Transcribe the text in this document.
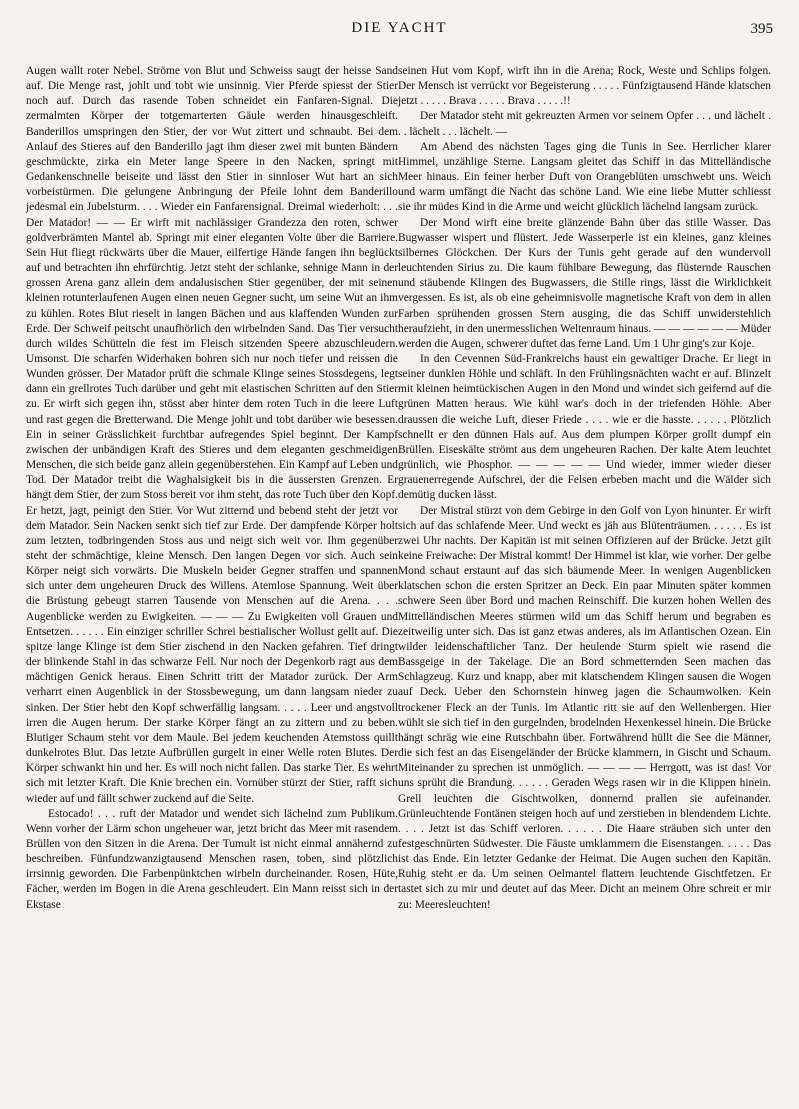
DIE YACHT	395

Augen wallt roter Nebel. Ströme von Blut und Schweiss saugt der heisse Sand auf. Die Menge rast, johlt und tobt wie unsinnig. Vier Pferde spiesst der Stier noch auf. Durch das rasende Toben schneidet ein Fanfaren-Signal. Die zermalmten Körper der totgemarterten Gäule werden hinausgeschleift. Banderillos umspringen den Stier, der vor Wut zittert und schnaubt. Bei dem Anlauf des Stieres auf den Banderillo jagt ihm dieser zwei mit bunten Bändern geschmückte, zirka ein Meter lange Speere in den Nacken, springt mit Gedankenschnelle beiseite und lässt den Stier in sinnloser Wut hart an sich vorbeistürmen. Die gelungene Anbringung der Pfeile lohnt dem Banderillo jedesmal ein Jubelsturm. . . . Wieder ein Fanfarensignal. Dreimal wiederholt: . . . Der Matador! — — Er wirft mit nachlässiger Grandezza den roten, schwer goldverbrämten Mantel ab. Springt mit einer eleganten Volte über die Barriere. Sein Hut fliegt rückwärts über die Mauer, eilfertige Hände fangen ihn beglückt auf und betrachten ihn ehrfürchtig. Jetzt steht der schlanke, sehnige Mann in der grossen Arena ganz allein dem andalusischen Stier gegenüber, der mit seinen kleinen rotunterlaufenen Augen einen neuen Gegner sucht, um seine Wut an ihm zu kühlen. Rotes Blut rieselt in langen Bächen und aus klaffenden Wunden zur Erde. Der Schweif peitscht unaufhörlich den wirbelnden Sand. Das Tier versucht durch wildes Schütteln die fest im Fleisch sitzenden Speere abzuschleudern. Umsonst. Die scharfen Widerhaken bohren sich nur noch tiefer und reissen die Wunden grösser. Der Matador prüft die schmale Klinge seines Stossdegens, legt dann ein grellrotes Tuch darüber und geht mit elastischen Schritten auf den Stier zu. Er wirft sich gegen ihn, stösst aber hinter dem roten Tuch in die leere Luft und rast gegen die Bretterwand. Die Menge johlt und tobt darüber wie besessen. Ein in seiner Grässlichkeit furchtbar aufregendes Spiel beginnt. Der Kampf zwischen der unbändigen Kraft des Stieres und dem eleganten geschmeidigen Menschen, die sich beide ganz allein gegenüberstehen. Ein Kampf auf Leben und Tod. Der Matador treibt die Waghalsigkeit bis in die äussersten Grenzen. Er hängt dem Stier, der zum Stoss bereit vor ihm steht, das rote Tuch über den Kopf. Er hetzt, jagt, peinigt den Stier. Vor Wut zitternd und bebend steht der jetzt vor dem Matador. Sein Nacken senkt sich tief zur Erde. Der dampfende Körper holt zum letzten, todbringenden Stoss aus und neigt sich weit vor. Ihm gegenüber steht der schmächtige, kleine Mensch. Den langen Degen vor sich. Auch sein Körper neigt sich vorwärts. Die Muskeln beider Gegner straffen und spannen sich unter dem ungeheuren Druck des Willens. Atemlose Spannung. Weit über die Brüstung gebeugt starren Tausende von Menschen auf die Arena. . . . Augenblicke werden zu Ewigkeiten. — — — Zu Ewigkeiten voll Grauen und Entsetzen. . . . . . Ein einziger schriller Schrei bestialischer Wollust gellt auf. Die spitze lange Klinge ist dem Stier zischend in den Nacken gefahren. Tief dringt der blinkende Stahl in das schwarze Fell. Nur noch der Degenkorb ragt aus dem mächtigen Genick heraus. Einen Schritt tritt der Matador zurück. Der Arm verharrt einen Augenblick in der Stossbewegung, um dann langsam nieder zu sinken. Der Stier hebt den Kopf schwerfällig langsam. . . . . Leer und angstvoll irren die Augen herum. Der starke Körper fängt an zu zittern und zu beben. Blutiger Schaum steht vor dem Maule. Bei jedem keuchenden Atemstoss quillt dunkelrotes Blut. Das letzte Aufbrüllen gurgelt in einer Welle roten Blutes. Der Körper schwankt hin und her. Es will noch nicht fallen. Das starke Tier. Es wehrt sich mit letzter Kraft. Die Knie brechen ein. Vornüber stürzt der Stier, rafft sich wieder auf und fällt schwer zuckend auf die Seite.

Estocado! . . . ruft der Matador und wendet sich lächelnd zum Publikum. Wenn vorher der Lärm schon ungeheuer war, jetzt bricht das Meer mit rasendem Brüllen von den Sitzen in die Arena. Der Tumult ist nicht einmal annähernd zu beschreiben. Fünfundzwanzigtausend Menschen rasen, toben, sind plötzlich irrsinnig geworden. Die Farbenpünktchen wirbeln durcheinander. Rosen, Hüte, Fächer, werden im Bogen in die Arena geschleudert. Ein Mann reisst sich in der Ekstase

seinen Hut vom Kopf, wirft ihn in die Arena; Rock, Weste und Schlips folgen. Der Mensch ist verrückt vor Begeisterung . . . . . Fünfzigtausend Hände klatschen jetzt . . . . . Brava . . . . . Brava . . . . .!!

Der Matador steht mit gekreuzten Armen vor seinem Opfer . . . und lächelt . . . lächelt . . . lächelt. —

Am Abend des nächsten Tages ging die Tunis in See. Herrlicher klarer Himmel, unzählige Sterne. Langsam gleitet das Schiff in das Mittelländische Meer hinaus. Ein feiner herber Duft von Orangeblüten umschwebt uns. Weich und warm umfängt die Nacht das schöne Land. Wie eine liebe Mutter schliesst sie ihr müdes Kind in die Arme und weicht glücklich lächelnd langsam zurück.

Der Mond wirft eine breite glänzende Bahn über das stille Wasser. Das Bugwasser wispert und flüstert. Jede Wasserperle ist ein kleines, ganz kleines silbernes Glöckchen. Der Kurs der Tunis geht gerade auf den wundervoll leuchtenden Sirius zu. Die kaum fühlbare Bewegung, das flüsternde Rauschen und stäubende Klingen des Bugwassers, die Stille rings, lässt die Wirklichkeit vergessen. Es ist, als ob eine geheimnisvolle magnetische Kraft von dem in allen Farben sprühenden grossen Stern ausging, die das Schiff unwiderstehlich heraufzieht, in den unermesslichen Weltenraum hinaus. — — — — — — Müder werden die Augen, schwerer duftet das ferne Land. Um 1 Uhr ging's zur Koje.

In den Cevennen Süd-Frankreichs haust ein gewaltiger Drache. Er liegt in seiner dunklen Höhle und schläft. In den Frühlingsnächten wacht er auf. Blinzelt mit kleinen heimtückischen Augen in den Mond und windet sich geifernd auf die grünen Matten heraus. Wie kühl war's doch in der triefenden Höhle. Aber draussen die weiche Luft, dieser Friede . . . . wie er die hasste. . . . . . Plötzlich schnellt er den dünnen Hals auf. Aus dem plumpen Körper grollt dumpf ein Brüllen. Eiseskälte strömt aus dem ungeheuren Rachen. Der kalte Atem leuchtet grünlich, wie Phosphor. — — — — — Und wieder, immer wieder dieser grauenerregende Aufschrei, der die Felsen erbeben macht und die Wälder sich demütig ducken lässt.

Der Mistral stürzt von dem Gebirge in den Golf von Lyon hinunter. Er wirft sich auf das schlafende Meer. Und weckt es jäh aus Blütenträumen. . . . . . Es ist zwei Uhr nachts. Der Kapitän ist mit seinen Offizieren auf der Brücke. Jetzt gilt keine Freiwache: Der Mistral kommt! Der Himmel ist klar, wie vorher. Der gelbe Mond schaut erstaunt auf das sich bäumende Meer. In wenigen Augenblicken klatschen schon die ersten Spritzer an Deck. Ein paar Minuten später kommen schwere Seen über Bord und machen Reinschiff. Die kurzen hohen Wellen des Mittelländischen Meeres stürmen wild um das Schiff herum und begraben es zeitweilig unter sich. Das ist ganz etwas anderes, als im Atlantischen Ozean. Ein wilder leidenschaftlicher Tanz. Der heulende Sturm spielt wie rasend die Bassgeige in der Takelage. Die an Bord schmetternden Seen machen das Schlagzeug. Kurz und knapp, aber mit klatschendem Klingen sausen die Wogen auf Deck. Ueber den Schornstein hinweg jagen die Schaumwolken. Kein trockener Fleck an der Tunis. Im Atlantic ritt sie auf den Wellenbergen. Hier wühlt sie sich tief in den gurgelnden, brodelnden Hexenkessel hinein. Die Brücke hängt schräg wie eine Rutschbahn über. Fortwährend hüllt die See die Männer, die sich fest an das Eisengeländer der Brücke klammern, in Gischt und Schaum. Miteinander zu sprechen ist unmöglich. — — — — Herrgott, was ist das! Vor uns sprüht die Brandung. . . . . . Geraden Wegs rasen wir in die Klippen hinein. Grell leuchten die Gischtwolken, donnernd prallen sie aufeinander. Grünleuchtende Fontänen steigen hoch auf und zerstieben in blendendem Lichte. . . . . Jetzt ist das Schiff verloren. . . . . . Die Haare sträuben sich unter den festgeschnürten Südwester. Die Fäuste umklammern die Eisenstangen. . . . . Das ist das Ende. Ein letzter Gedanke der Heimat. Die Augen suchen den Kapitän. Ruhig steht er da. Um seinen Oelmantel flattern leuchtende Gischtfetzen. Er tastet sich zu mir und deutet auf das Meer. Dicht an meinem Ohre schreit er mir zu: Meeresleuchten!
